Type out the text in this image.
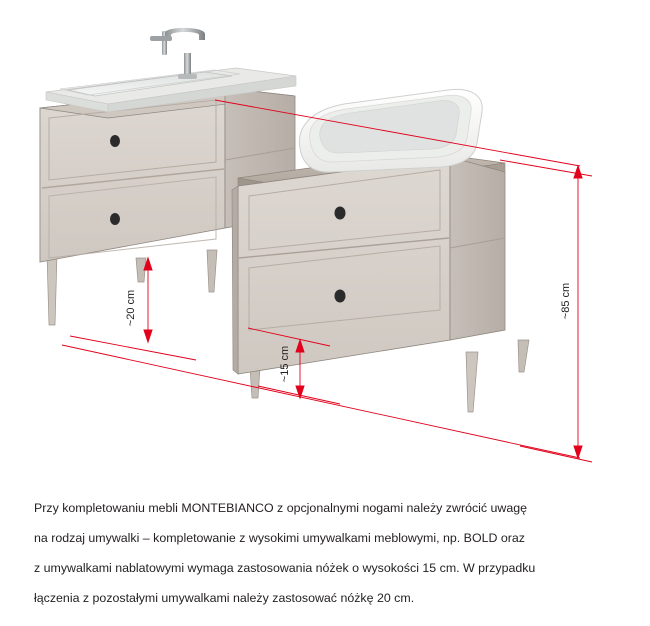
~85 cm
~20 cm
~15 cm

Przy kompletowaniu mebli MONTEBIANCO z opcjonalnymi nogami należy zwrócić uwagę

na rodzaj umywalki – kompletowanie z wysokimi umywalkami meblowymi, np. BOLD oraz

z umywalkami nablatowymi wymaga zastosowania nóżek o wysokości 15 cm. W przypadku

łączenia z pozostałymi umywalkami należy zastosować nóżkę 20 cm.
